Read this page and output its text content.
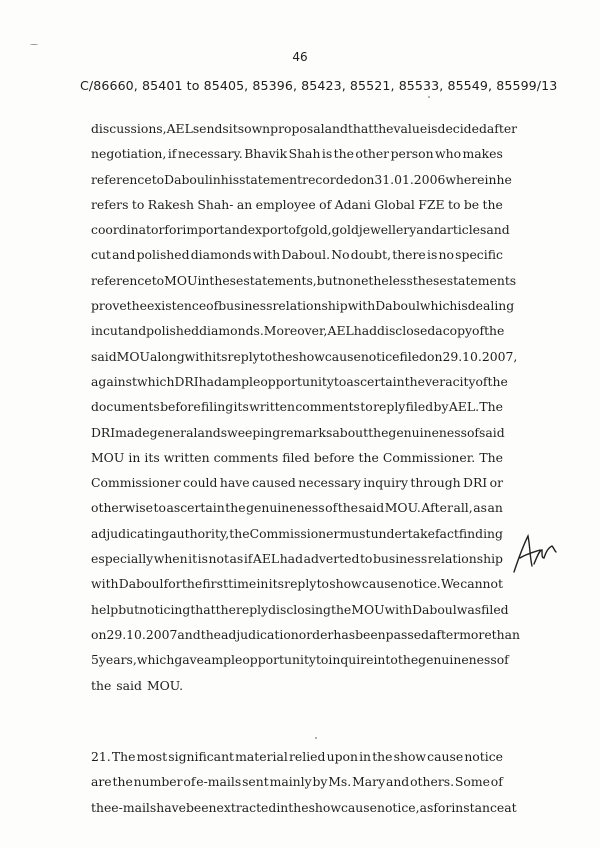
46
C/86660, 85401 to 85405, 85396, 85423, 85521, 85533, 85549, 85599/13
discussions, AEL sends its own proposal and that the value is decided after
negotiation, if necessary. Bhavik Shah is the other person who makes
reference to Daboul in his statement recorded on 31.01.2006 wherein he
refers to Rakesh Shah- an employee of Adani Global FZE to be the
coordinator for import and export of gold, gold jewellery and articles and
cut and polished diamonds with Daboul. No doubt, there is no specific
reference to MOU in these statements, but nonetheless these statements
prove the existence of business relationship with Daboul which is dealing
in cut and polished diamonds. Moreover, AEL had disclosed a copy of the
said MOU along with its reply to the show cause notice filed on 29.10.2007,
against which DRI had ample opportunity to ascertain the veracity of the
documents before filing its written comments to reply filed by AEL. The
DRI made general and sweeping remarks about the genuineness of said
MOU in its written comments filed before the Commissioner. The
Commissioner could have caused necessary inquiry through DRI or
otherwise to ascertain the genuineness of the said MOU. After all, as an
adjudicating authority, the Commissioner must undertake fact finding
especially when it is not as if AEL had adverted to business relationship
with Daboul for the first time in its reply to show cause notice. We cannot
help but noticing that the reply disclosing the MOU with Daboul was filed
on 29.10.2007 and the adjudication order has been passed after more than
5 years, which gave ample opportunity to inquire into the genuineness of
the said MOU.
21. The most significant material relied upon in the show cause notice
are the number of e-mails sent mainly by Ms. Mary and others. Some of
the e-mails have been extracted in the show cause notice, as for instance at
